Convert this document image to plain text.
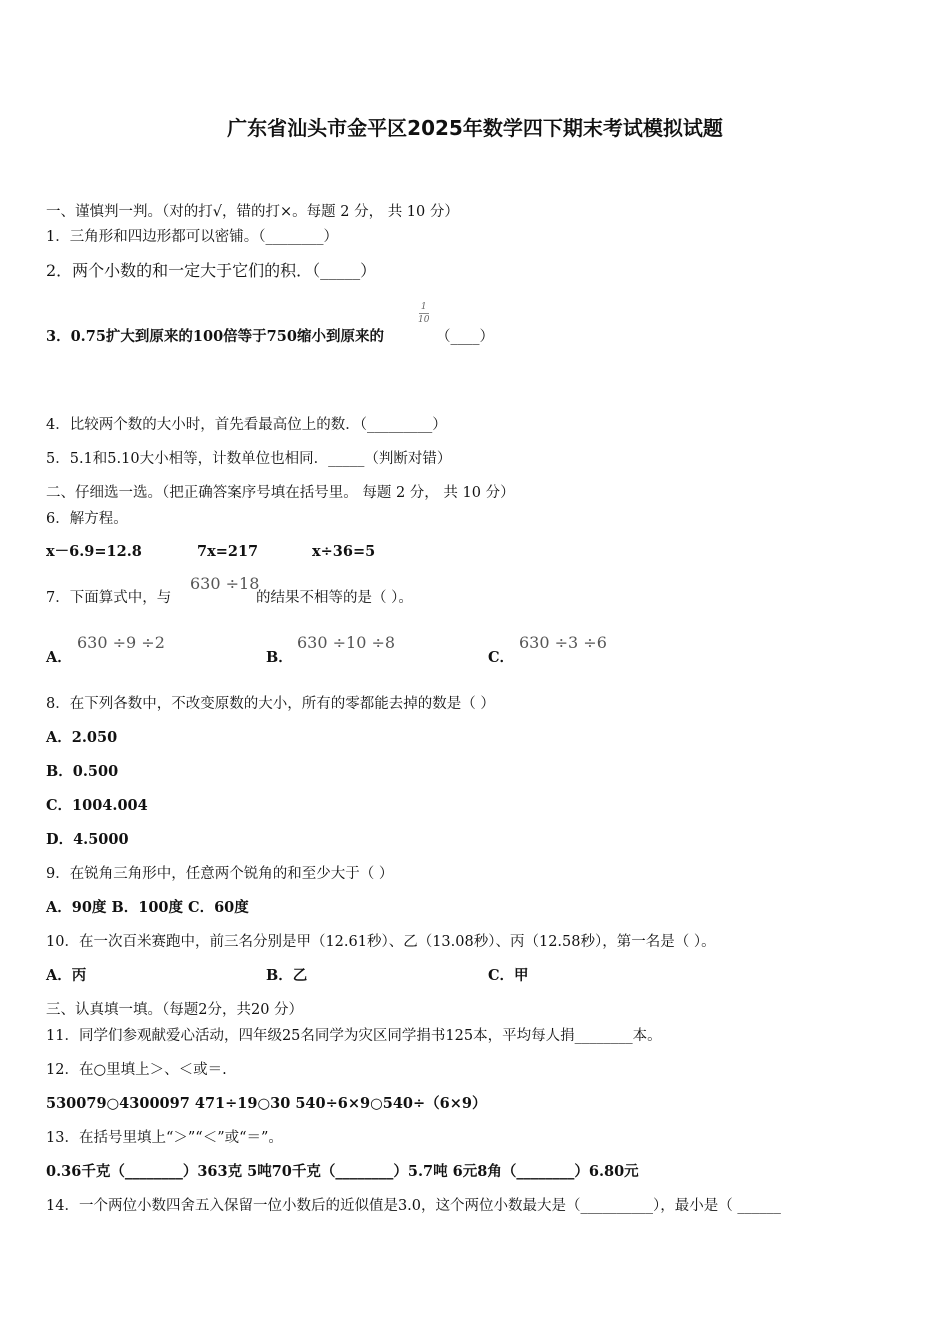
广东省汕头市金平区2025年数学四下期末考试模拟试题
一、谨慎判一判。（对的打√，错的打×。每题 2 分， 共 10 分）
1．三角形和四边形都可以密铺。（________）
2．两个小数的和一定大于它们的积．（_____）
3．0.75扩大到原来的100倍等于750缩小到原来的
1
10
（____）
4．比较两个数的大小时，首先看最高位上的数．（_________）
5．5.1和5.10大小相等，计数单位也相同．_____（判断对错）
二、仔细选一选。（把正确答案序号填在括号里。 每题 2 分， 共 10 分）
6．解方程。
x－6.9=12.8	7x=217	x÷36=5
7．下面算式中，与
630 ÷18
的结果不相等的是（ ）。
A．
630 ÷9 ÷2
B．
630 ÷10 ÷8
C．
630 ÷3 ÷6
8．在下列各数中，不改变原数的大小，所有的零都能去掉的数是（ ）
A．2.050
B．0.500
C．1004.004
D．4.5000
9．在锐角三角形中，任意两个锐角的和至少大于（ ）
A．90度 B．100度 C．60度
10．在一次百米赛跑中，前三名分别是甲（12.61秒）、乙（13.08秒）、丙（12.58秒），第一名是（ ）。
A．丙	B．乙	C．甲
三、认真填一填。（每题2分，共20 分）
11．同学们参观献爱心活动，四年级25名同学为灾区同学捐书125本，平均每人捐________本。
12．在○里填上＞、＜或＝.
530079○4300097 471÷19○30 540÷6×9○540÷（6×9）
13．在括号里填上“＞”“＜”或“＝”。
0.36千克（________）363克 5吨70千克（________）5.7吨 6元8角（________）6.80元
14．一个两位小数四舍五入保留一位小数后的近似值是3.0，这个两位小数最大是（__________），最小是（ ______
